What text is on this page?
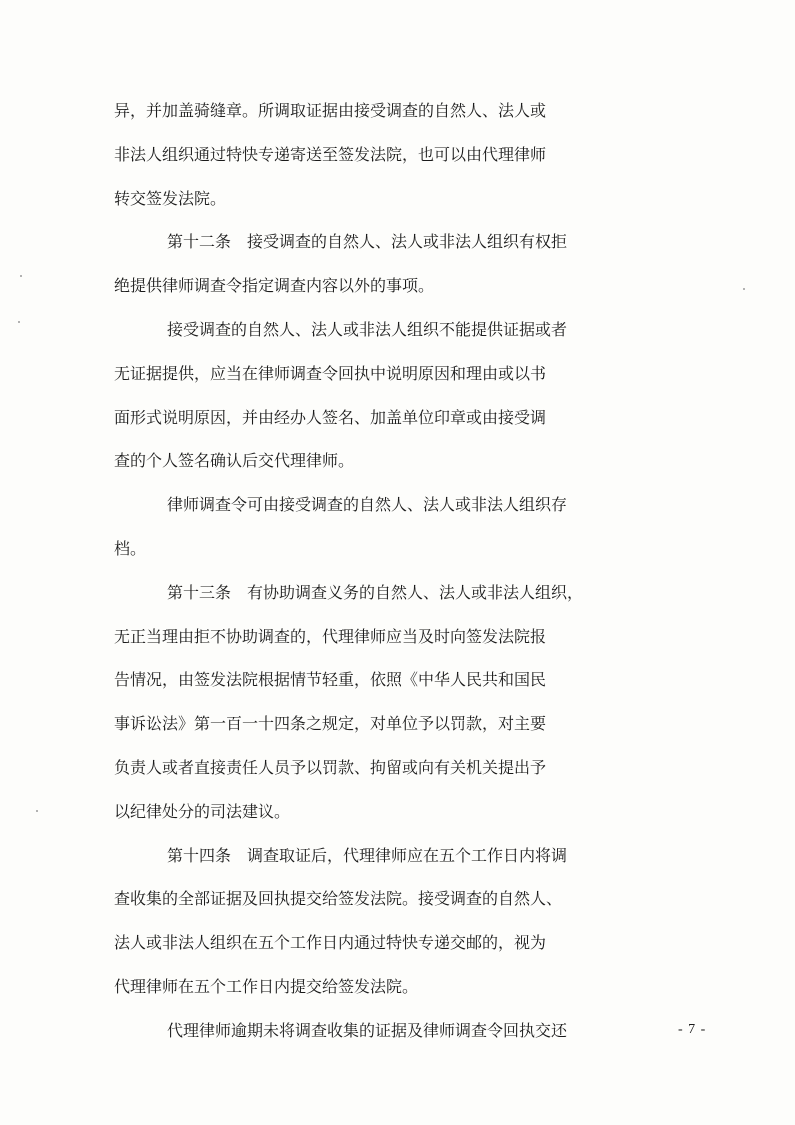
异，并加盖骑缝章。所调取证据由接受调查的自然人、法人或
非法人组织通过特快专递寄送至签发法院，也可以由代理律师
转交签发法院。
第十二条　接受调查的自然人、法人或非法人组织有权拒
绝提供律师调查令指定调查内容以外的事项。
接受调查的自然人、法人或非法人组织不能提供证据或者
无证据提供，应当在律师调查令回执中说明原因和理由或以书
面形式说明原因，并由经办人签名、加盖单位印章或由接受调
查的个人签名确认后交代理律师。
律师调查令可由接受调查的自然人、法人或非法人组织存
档。
第十三条　有协助调查义务的自然人、法人或非法人组织，
无正当理由拒不协助调查的，代理律师应当及时向签发法院报
告情况，由签发法院根据情节轻重，依照《中华人民共和国民
事诉讼法》第一百一十四条之规定，对单位予以罚款，对主要
负责人或者直接责任人员予以罚款、拘留或向有关机关提出予
以纪律处分的司法建议。
第十四条　调查取证后，代理律师应在五个工作日内将调
查收集的全部证据及回执提交给签发法院。接受调查的自然人、
法人或非法人组织在五个工作日内通过特快专递交邮的，视为
代理律师在五个工作日内提交给签发法院。
代理律师逾期未将调查收集的证据及律师调查令回执交还	- 7 -
